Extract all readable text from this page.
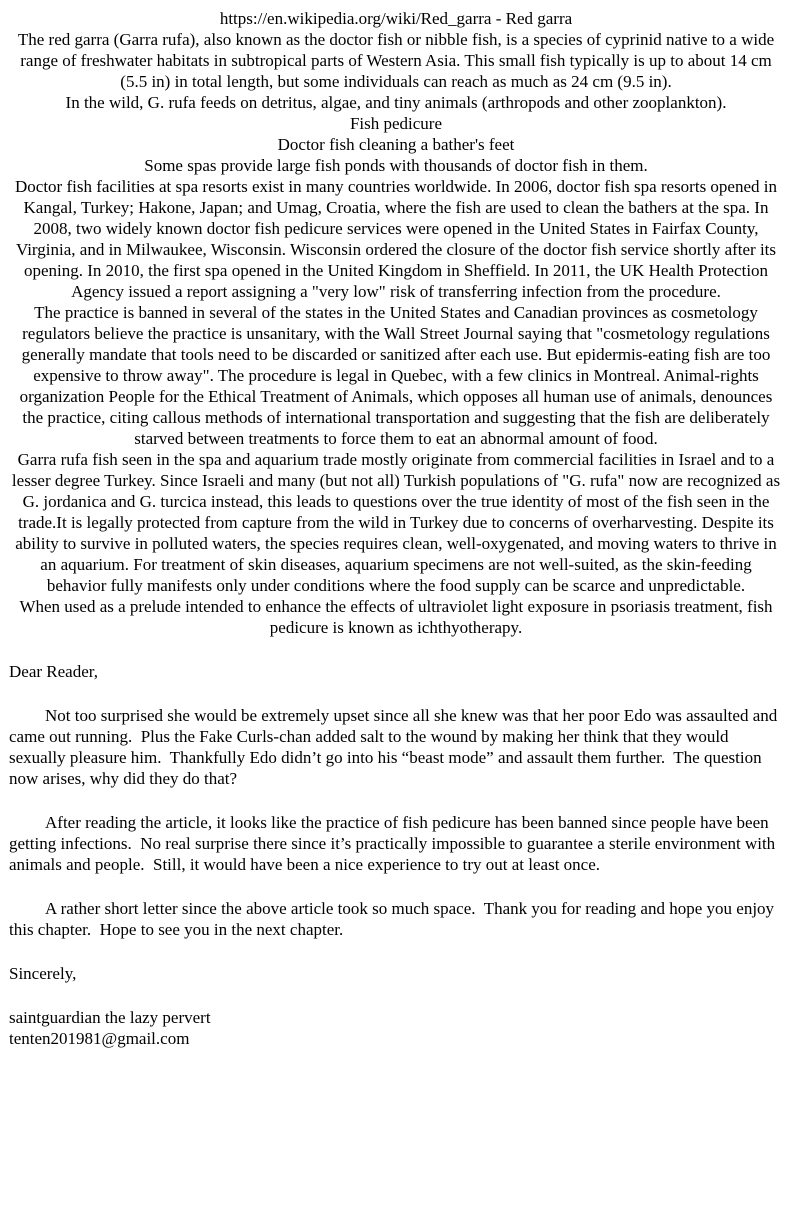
https://en.wikipedia.org/wiki/Red_garra - Red garra

The red garra (Garra rufa), also known as the doctor fish or nibble fish, is a species of cyprinid native to a wide range of freshwater habitats in subtropical parts of Western Asia. This small fish typically is up to about 14 cm (5.5 in) in total length, but some individuals can reach as much as 24 cm (9.5 in).

In the wild, G. rufa feeds on detritus, algae, and tiny animals (arthropods and other zooplankton).

Fish pedicure

Doctor fish cleaning a bather's feet

Some spas provide large fish ponds with thousands of doctor fish in them.

Doctor fish facilities at spa resorts exist in many countries worldwide. In 2006, doctor fish spa resorts opened in Kangal, Turkey; Hakone, Japan; and Umag, Croatia, where the fish are used to clean the bathers at the spa. In 2008, two widely known doctor fish pedicure services were opened in the United States in Fairfax County, Virginia, and in Milwaukee, Wisconsin. Wisconsin ordered the closure of the doctor fish service shortly after its opening. In 2010, the first spa opened in the United Kingdom in Sheffield. In 2011, the UK Health Protection Agency issued a report assigning a "very low" risk of transferring infection from the procedure.

The practice is banned in several of the states in the United States and Canadian provinces as cosmetology regulators believe the practice is unsanitary, with the Wall Street Journal saying that "cosmetology regulations generally mandate that tools need to be discarded or sanitized after each use. But epidermis-eating fish are too expensive to throw away". The procedure is legal in Quebec, with a few clinics in Montreal. Animal-rights organization People for the Ethical Treatment of Animals, which opposes all human use of animals, denounces the practice, citing callous methods of international transportation and suggesting that the fish are deliberately starved between treatments to force them to eat an abnormal amount of food.

Garra rufa fish seen in the spa and aquarium trade mostly originate from commercial facilities in Israel and to a lesser degree Turkey. Since Israeli and many (but not all) Turkish populations of "G. rufa" now are recognized as G. jordanica and G. turcica instead, this leads to questions over the true identity of most of the fish seen in the trade.It is legally protected from capture from the wild in Turkey due to concerns of overharvesting. Despite its ability to survive in polluted waters, the species requires clean, well-oxygenated, and moving waters to thrive in an aquarium. For treatment of skin diseases, aquarium specimens are not well-suited, as the skin-feeding behavior fully manifests only under conditions where the food supply can be scarce and unpredictable.

When used as a prelude intended to enhance the effects of ultraviolet light exposure in psoriasis treatment, fish pedicure is known as ichthyotherapy.

Dear Reader,

Not too surprised she would be extremely upset since all she knew was that her poor Edo was assaulted and came out running.  Plus the Fake Curls-chan added salt to the wound by making her think that they would sexually pleasure him.  Thankfully Edo didn’t go into his “beast mode” and assault them further.  The question now arises, why did they do that?

After reading the article, it looks like the practice of fish pedicure has been banned since people have been getting infections.  No real surprise there since it’s practically impossible to guarantee a sterile environment with animals and people.  Still, it would have been a nice experience to try out at least once.

A rather short letter since the above article took so much space.  Thank you for reading and hope you enjoy this chapter.  Hope to see you in the next chapter.

Sincerely,

saintguardian the lazy pervert

tenten201981@gmail.com
